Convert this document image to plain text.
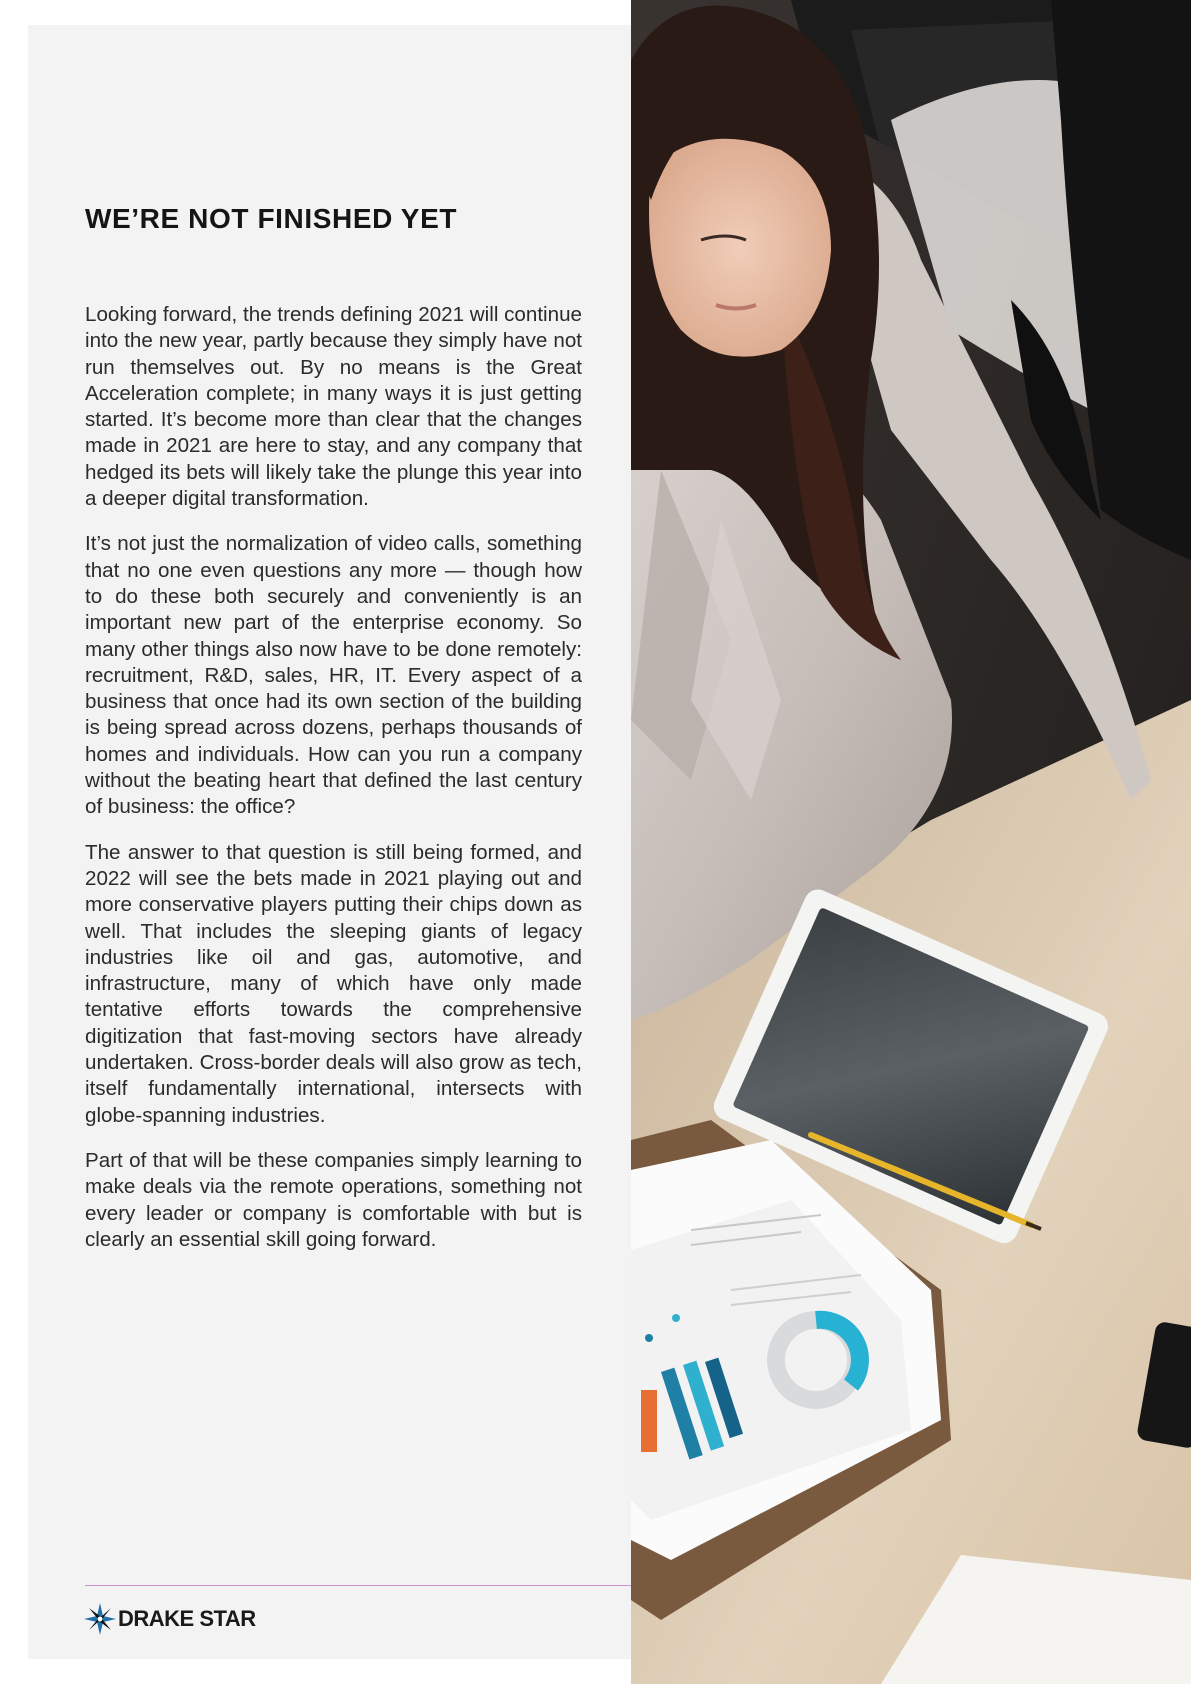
WE’RE NOT FINISHED YET

Looking forward, the trends defining 2021 will continue into the new year, partly because they simply have not run themselves out. By no means is the Great Acceleration complete; in many ways it is just getting started. It’s become more than clear that the changes made in 2021 are here to stay, and any company that hedged its bets will likely take the plunge this year into a deeper digital transformation.

It’s not just the normalization of video calls, something that no one even questions any more — though how to do these both securely and conveniently is an important new part of the enterprise economy. So many other things also now have to be done remotely: recruitment, R&D, sales, HR, IT. Every aspect of a business that once had its own section of the building is being spread across dozens, perhaps thousands of homes and individuals. How can you run a company without the beating heart that defined the last century of business: the office?

The answer to that question is still being formed, and 2022 will see the bets made in 2021 playing out and more conservative players putting their chips down as well. That includes the sleeping giants of legacy industries like oil and gas, automotive, and infrastructure, many of which have only made tentative efforts towards the comprehensive digitization that fast-moving sectors have already undertaken. Cross-border deals will also grow as tech, itself fundamentally international, intersects with globe-spanning industries.

Part of that will be these companies simply learning to make deals via the remote operations, something not every leader or company is comfortable with but is clearly an essential skill going forward.

DRAKE STAR
